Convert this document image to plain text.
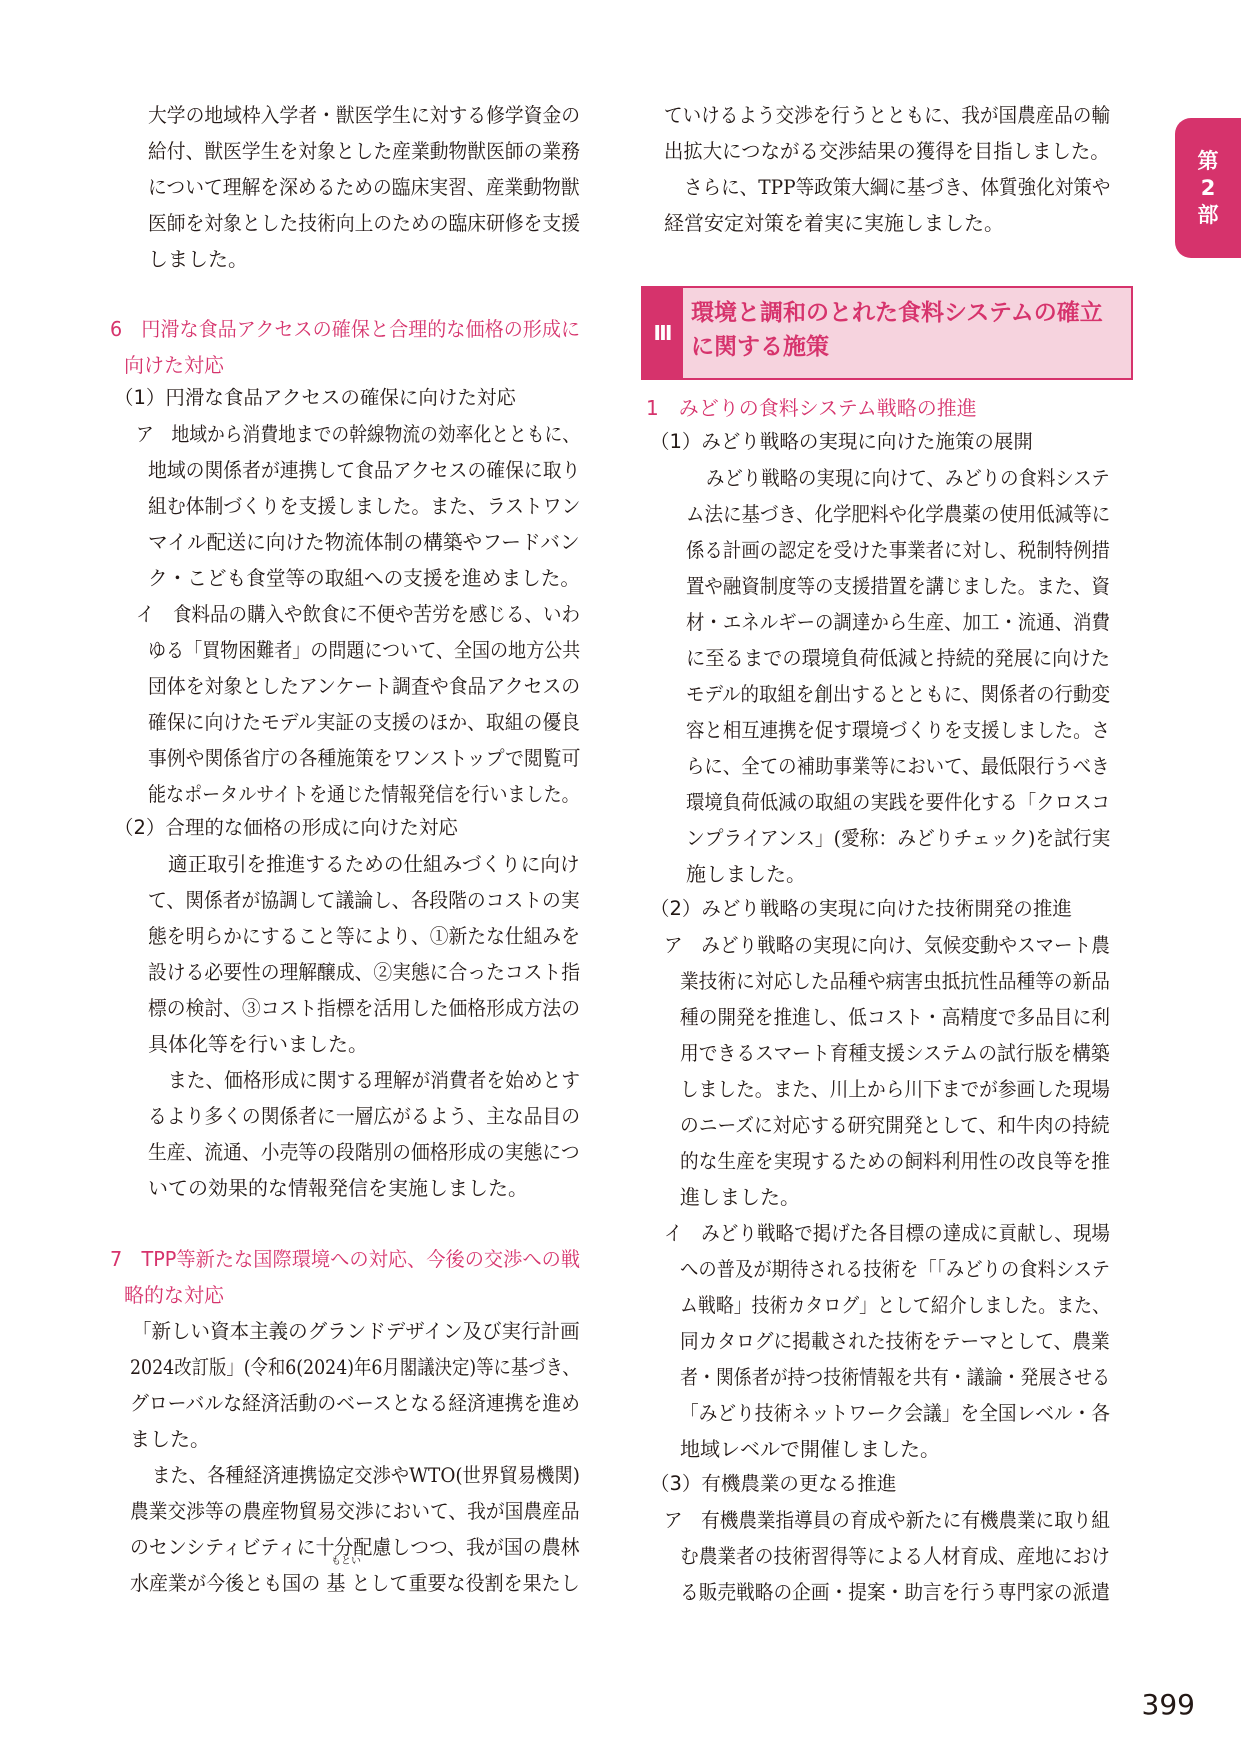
第
2
部
大学の地域枠入学者・獣医学生に対する修学資金の
給付、獣医学生を対象とした産業動物獣医師の業務
について理解を深めるための臨床実習、産業動物獣
医師を対象とした技術向上のための臨床研修を支援
しました。
6　円滑な食品アクセスの確保と合理的な価格の形成に
向けた対応
（1）円滑な食品アクセスの確保に向けた対応
ア　地域から消費地までの幹線物流の効率化とともに、
地域の関係者が連携して食品アクセスの確保に取り
組む体制づくりを支援しました。また、ラストワン
マイル配送に向けた物流体制の構築やフードバン
ク・こども食堂等の取組への支援を進めました。
イ　食料品の購入や飲食に不便や苦労を感じる、いわ
ゆる「買物困難者」の問題について、全国の地方公共
団体を対象としたアンケート調査や食品アクセスの
確保に向けたモデル実証の支援のほか、取組の優良
事例や関係省庁の各種施策をワンストップで閲覧可
能なポータルサイトを通じた情報発信を行いました。
（2）合理的な価格の形成に向けた対応
適正取引を推進するための仕組みづくりに向け
て、関係者が協調して議論し、各段階のコストの実
態を明らかにすること等により、①新たな仕組みを
設ける必要性の理解醸成、②実態に合ったコスト指
標の検討、③コスト指標を活用した価格形成方法の
具体化等を行いました。
また、価格形成に関する理解が消費者を始めとす
るより多くの関係者に一層広がるよう、主な品目の
生産、流通、小売等の段階別の価格形成の実態につ
いての効果的な情報発信を実施しました。
7　TPP等新たな国際環境への対応、今後の交渉への戦
略的な対応
「新しい資本主義のグランドデザイン及び実行計画
2024改訂版」(令和6(2024)年6月閣議決定)等に基づき、
グローバルな経済活動のベースとなる経済連携を進め
ました。
また、各種経済連携協定交渉やWTO(世界貿易機関)
農業交渉等の農産物貿易交渉において、我が国農産品
のセンシティビティに十分配慮しつつ、我が国の農林
水産業が今後とも国の 基 として重要な役割を果たし
もとい
ていけるよう交渉を行うとともに、我が国農産品の輸
出拡大につながる交渉結果の獲得を目指しました。
さらに、TPP等政策大綱に基づき、体質強化対策や
経営安定対策を着実に実施しました。
1　みどりの食料システム戦略の推進
（1）みどり戦略の実現に向けた施策の展開
みどり戦略の実現に向けて、みどりの食料システ
ム法に基づき、化学肥料や化学農薬の使用低減等に
係る計画の認定を受けた事業者に対し、税制特例措
置や融資制度等の支援措置を講じました。また、資
材・エネルギーの調達から生産、加工・流通、消費
に至るまでの環境負荷低減と持続的発展に向けた
モデル的取組を創出するとともに、関係者の行動変
容と相互連携を促す環境づくりを支援しました。さ
らに、全ての補助事業等において、最低限行うべき
環境負荷低減の取組の実践を要件化する「クロスコ
ンプライアンス」(愛称：みどりチェック)を試行実
施しました。
（2）みどり戦略の実現に向けた技術開発の推進
ア　みどり戦略の実現に向け、気候変動やスマート農
業技術に対応した品種や病害虫抵抗性品種等の新品
種の開発を推進し、低コスト・高精度で多品目に利
用できるスマート育種支援システムの試行版を構築
しました。また、川上から川下までが参画した現場
のニーズに対応する研究開発として、和牛肉の持続
的な生産を実現するための飼料利用性の改良等を推
進しました。
イ　みどり戦略で掲げた各目標の達成に貢献し、現場
への普及が期待される技術を「「みどりの食料システ
ム戦略」技術カタログ」として紹介しました。また、
同カタログに掲載された技術をテーマとして、農業
者・関係者が持つ技術情報を共有・議論・発展させる
「みどり技術ネットワーク会議」を全国レベル・各
地域レベルで開催しました。
（3）有機農業の更なる推進
ア　有機農業指導員の育成や新たに有機農業に取り組
む農業者の技術習得等による人材育成、産地におけ
る販売戦略の企画・提案・助言を行う専門家の派遣
Ⅲ
環境と調和のとれた食料システムの確立
に関する施策
399
